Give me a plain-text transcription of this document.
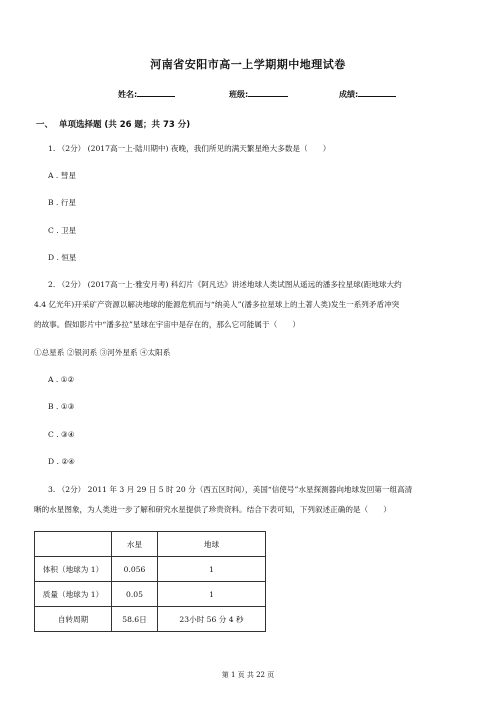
河南省安阳市高一上学期期中地理试卷
姓名:	班级:	成绩:
一、 单项选择题 (共 26 题；共 73 分)
1. （2分） (2017高一上·陆川期中) 夜晚，我们所见的满天繁星绝大多数是（　　）
A . 彗星
B . 行星
C . 卫星
D . 恒星
2. （2分） (2017高一上·雅安月考) 科幻片《阿凡达》讲述地球人类试图从遥远的潘多拉星球(距地球大约
4.4 亿光年)开采矿产资源以解决地球的能源危机而与“纳美人”(潘多拉星球上的土著人类)发生一系列矛盾冲突
的故事。假如影片中“潘多拉”星球在宇宙中是存在的，那么它可能属于（　　）
①总星系 ②银河系 ③河外星系 ④太阳系
A . ①②
B . ①③
C . ③④
D . ②④
3. （2分） 2011 年 3 月 29 日 5 时 20 分（西五区时间），美国“信使号”水星探测器向地球发回第一组高清
晰的水星图象，为人类进一步了解和研究水星提供了珍贵资料。结合下表可知，下列叙述正确的是（　　）
	水星	地球
体积（地球为 1）	0.056	1
质量（地球为 1）	0.05	1
自转周期	58.6日	23小时 56 分 4 秒
第 1 页 共 22 页
